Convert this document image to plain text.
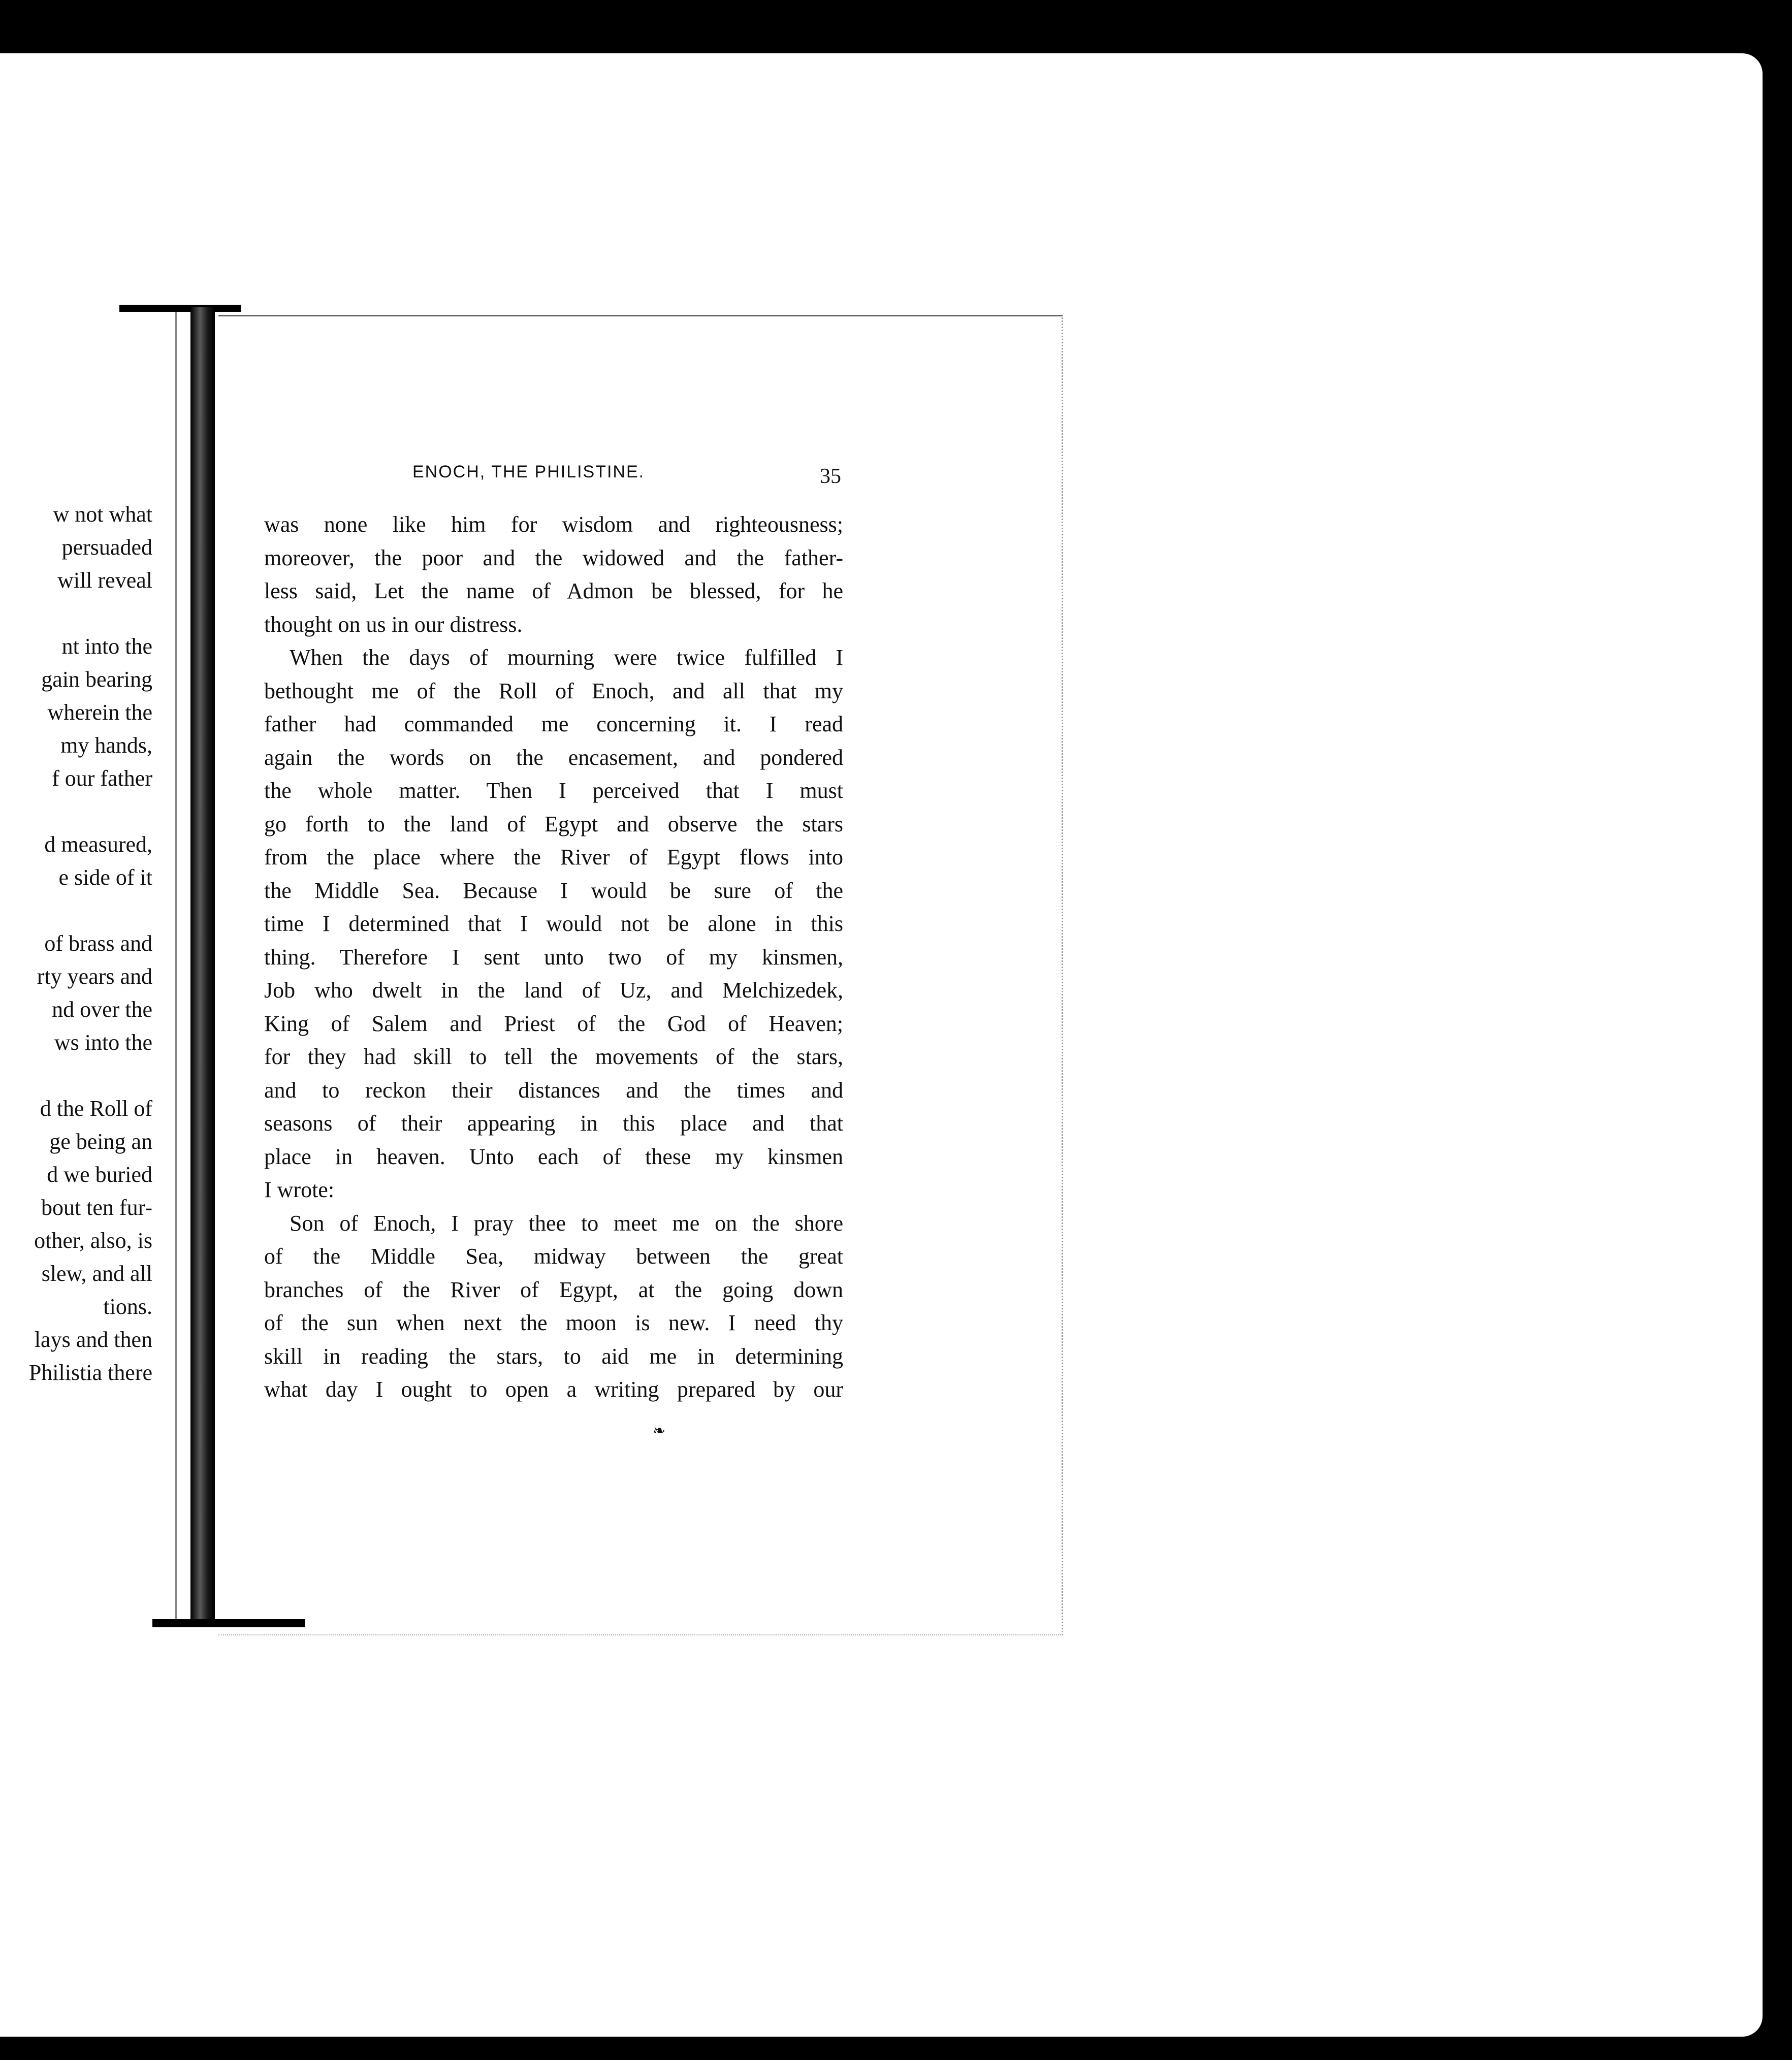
w not what
persuaded
will reveal
nt into the
gain bearing
wherein the
my hands,
f our father
d measured,
e side of it
of brass and
rty years and
nd over the
ws into the
d the Roll of
ge being an
d we buried
bout ten fur-
other, also, is
slew, and all
tions.
lays and then
Philistia there
ENOCH, THE PHILISTINE.	35
was none like him for wisdom and righteousness;
moreover, the poor and the widowed and the father-
less said, Let the name of Admon be blessed, for he
thought on us in our distress.
When the days of mourning were twice fulfilled I
bethought me of the Roll of Enoch, and all that my
father had commanded me concerning it. I read
again the words on the encasement, and pondered
the whole matter. Then I perceived that I must
go forth to the land of Egypt and observe the stars
from the place where the River of Egypt flows into
the Middle Sea. Because I would be sure of the
time I determined that I would not be alone in this
thing. Therefore I sent unto two of my kinsmen,
Job who dwelt in the land of Uz, and Melchizedek,
King of Salem and Priest of the God of Heaven;
for they had skill to tell the movements of the stars,
and to reckon their distances and the times and
seasons of their appearing in this place and that
place in heaven. Unto each of these my kinsmen
I wrote:
Son of Enoch, I pray thee to meet me on the shore
of the Middle Sea, midway between the great
branches of the River of Egypt, at the going down
of the sun when next the moon is new. I need thy
skill in reading the stars, to aid me in determining
what day I ought to open a writing prepared by our
❧
